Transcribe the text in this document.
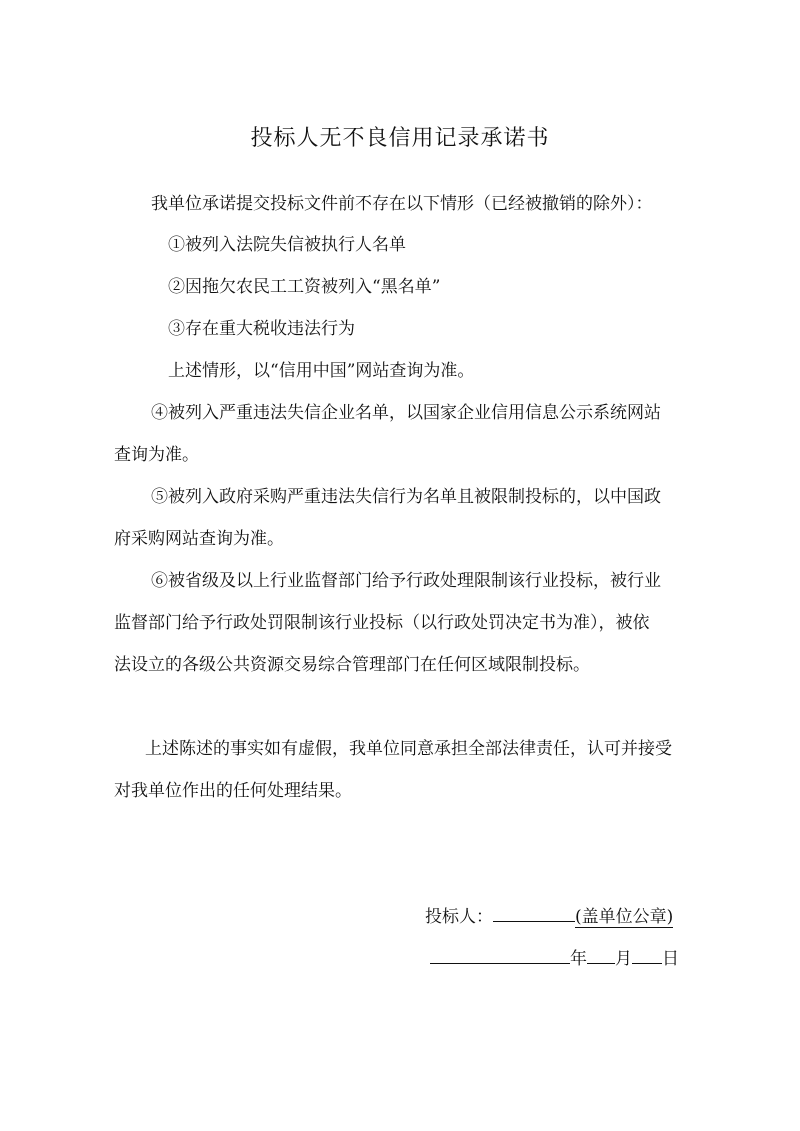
投标人无不良信用记录承诺书
我单位承诺提交投标文件前不存在以下情形（已经被撤销的除外）：
①被列入法院失信被执行人名单
②因拖欠农民工工资被列入“黑名单”
③存在重大税收违法行为
上述情形，以“信用中国”网站查询为准。
④被列入严重违法失信企业名单，以国家企业信用信息公示系统网站
查询为准。
⑤被列入政府采购严重违法失信行为名单且被限制投标的，以中国政
府采购网站查询为准。
⑥被省级及以上行业监督部门给予行政处理限制该行业投标，被行业
监督部门给予行政处罚限制该行业投标（以行政处罚决定书为准），被依
法设立的各级公共资源交易综合管理部门在任何区域限制投标。
上述陈述的事实如有虚假，我单位同意承担全部法律责任，认可并接受
对我单位作出的任何处理结果。
投标人：	(盖单位公章)
年 月 日
